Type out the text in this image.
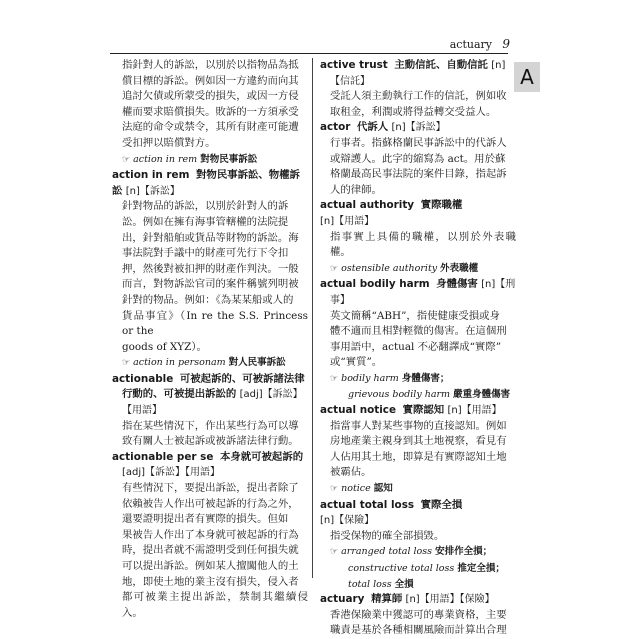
actuary 9
A
指針對人的訴訟，以別於以指物品為抵
償目標的訴訟。例如因一方違約而向其
追討欠債或所蒙受的損失，或因一方侵
權而要求賠償損失。敗訴的一方須承受
法庭的命令或禁令，其所有財產可能遭
受扣押以賠償對方。
☞ action in rem 對物民事訴訟
action in rem 對物民事訴訟、物權訴
訟 [n]【訴訟】
針對物品的訴訟，以別於針對人的訴
訟。例如在擁有海事管轄權的法院提
出，針對船舶或貨品等財物的訴訟。海
事法院對手議中的財產可先行下令扣
押，然後對被扣押的財產作判決。一般
而言，對物訴訟官司的案件稱號列明被
針對的物品。例如：《為某某船或人的
貨品事宜》（In re the S.S. Princess or the
goods of XYZ）。
☞ action in personam 對人民事訴訟
actionable 可被起訴的、可被訴諸法律
行動的、可被提出訴訟的 [adj]【訴訟】
【用語】
指在某些情況下，作出某些行為可以導
致有關人士被起訴或被訴諸法律行動。
actionable per se 本身就可被起訴的
[adj]【訴訟】【用語】
有些情況下，要提出訴訟，提出者除了
依賴被告人作出可被起訴的行為之外，
還要證明提出者有實際的損失。但如
果被告人作出了本身就可被起訴的行為
時，提出者就不需證明受到任何損失就
可以提出訴訟。例如某人擅闖他人的土
地，即使土地的業主沒有損失，侵入者
都可被業主提出訴訟，禁制其繼續侵入。
active trust 主動信託、自動信託 [n]
【信託】
受託人須主動執行工作的信託，例如收
取租金，利潤或將得益轉交受益人。
actor 代訴人 [n]【訴訟】
行事者。指蘇格蘭民事訴訟中的代訴人
或辯護人。此字的縮寫為 act。用於蘇
格蘭最高民事法院的案件目錄，指起訴
人的律師。
actual authority 實際職權 [n]【用語】
指事實上具備的職權，以別於外表職權。
☞ ostensible authority 外表職權
actual bodily harm 身體傷害 [n]【刑
事】
英文簡稱“ABH”，指使健康受損或身
體不適而且相對輕微的傷害。在這個刑
事用語中，actual 不必翻譯成“實際”
或“實質”。
☞ bodily harm 身體傷害；
grievous bodily harm 嚴重身體傷害
actual notice 實際認知 [n]【用語】
指當事人對某些事物的直接認知。例如
房地產業主親身到其土地視察，看見有
人佔用其土地，即算是有實際認知土地
被霸佔。
☞ notice 認知
actual total loss 實際全損 [n]【保險】
指受保物的確全部損毀。
☞ arranged total loss 安排作全損；
constructive total loss 推定全損；
total loss 全損
actuary 精算師 [n]【用語】【保險】
香港保險業中獲認可的專業資格，主要
職責是基於各種相關風險而計算出合理
